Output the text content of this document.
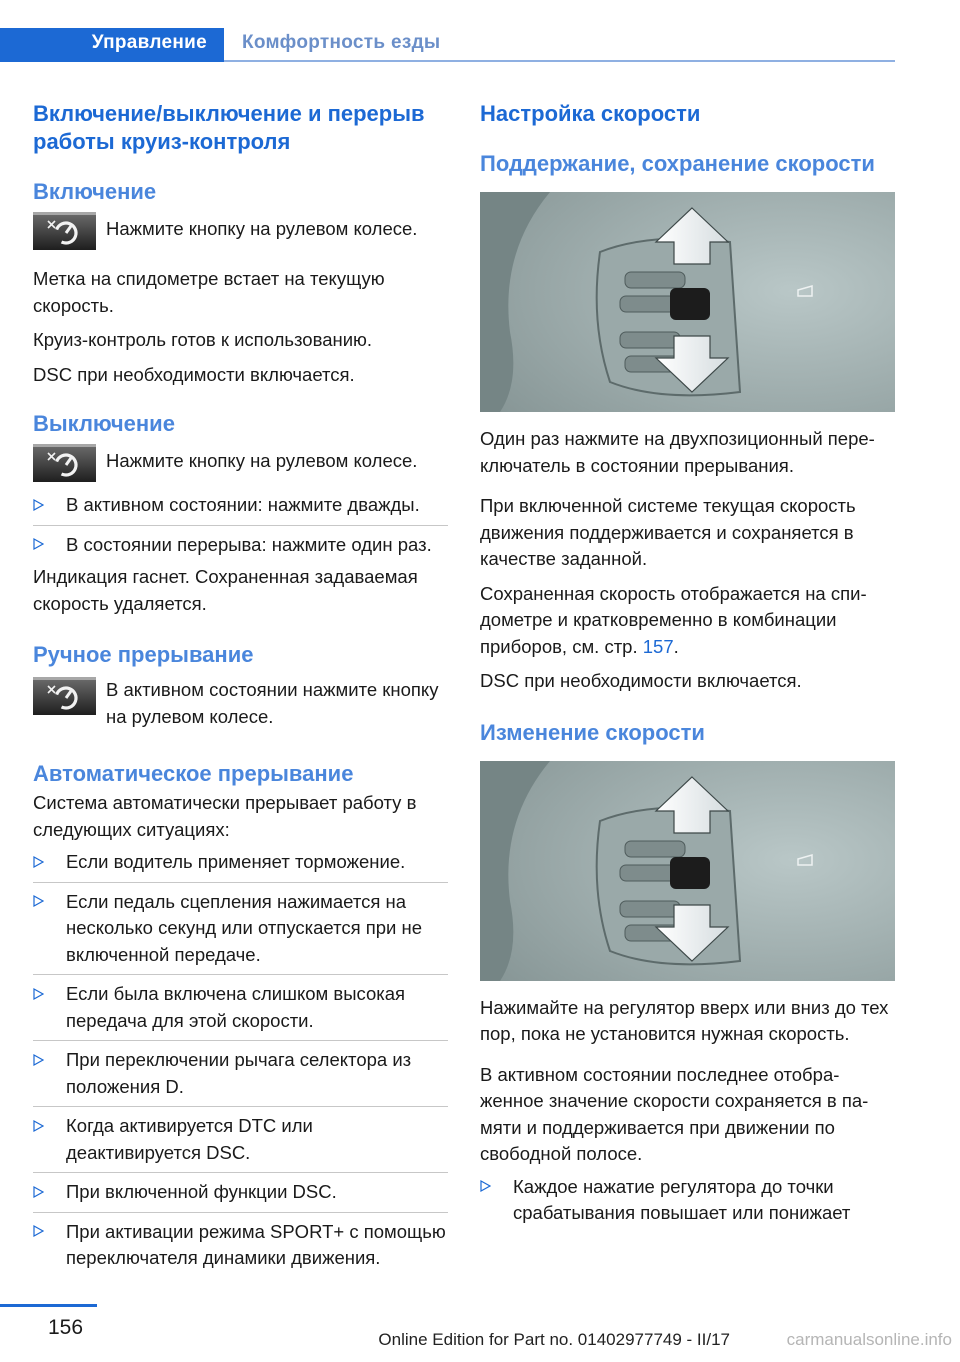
Управление Комфортность езды
Включение/выключение и перерыв работы круиз-контроля
Включение
Нажмите кнопку на рулевом колесе.

Метка на спидометре встает на текущую скорость.

Круиз-контроль готов к использованию.

DSC при необходимости включается.

Выключение
Нажмите кнопку на рулевом колесе.
В активном состоянии: нажмите дважды.
В состоянии перерыва: нажмите один раз.

Индикация гаснет. Сохраненная задаваемая скорость удаляется.

Ручное прерывание
В активном состоянии нажмите кнопку на рулевом колесе.
Автоматическое прерывание

Система автоматически прерывает работу в следующих ситуациях:

Если водитель применяет торможение.
Если педаль сцепления нажимается на несколько секунд или отпускается при не включенной передаче.
Если была включена слишком высокая передача для этой скорости.
При переключении рычага селектора из положения D.
Когда активируется DTC или деактивируется DSC.
При включенной функции DSC.
При активации режима SPORT+ с помощью переключателя динамики движения.
Настройка скорости
Поддержание, сохранение скорости

Один раз нажмите на двухпозиционный переключатель в состоянии прерывания.

При включенной системе текущая скорость движения поддерживается и сохраняется в качестве заданной.

Сохраненная скорость отображается на спидометре и кратковременно в комбинации приборов, см. стр. 157.

DSC при необходимости включается.

Изменение скорости

Нажимайте на регулятор вверх или вниз до тех пор, пока не установится нужная скорость.

В активном состоянии последнее отображенное значение скорости сохраняется в памяти и поддерживается при движении по свободной полосе.

Каждое нажатие регулятора до точки срабатывания повышает или понижает
156
Online Edition for Part no. 01402977749 - II/17	carmanualsonline.info
